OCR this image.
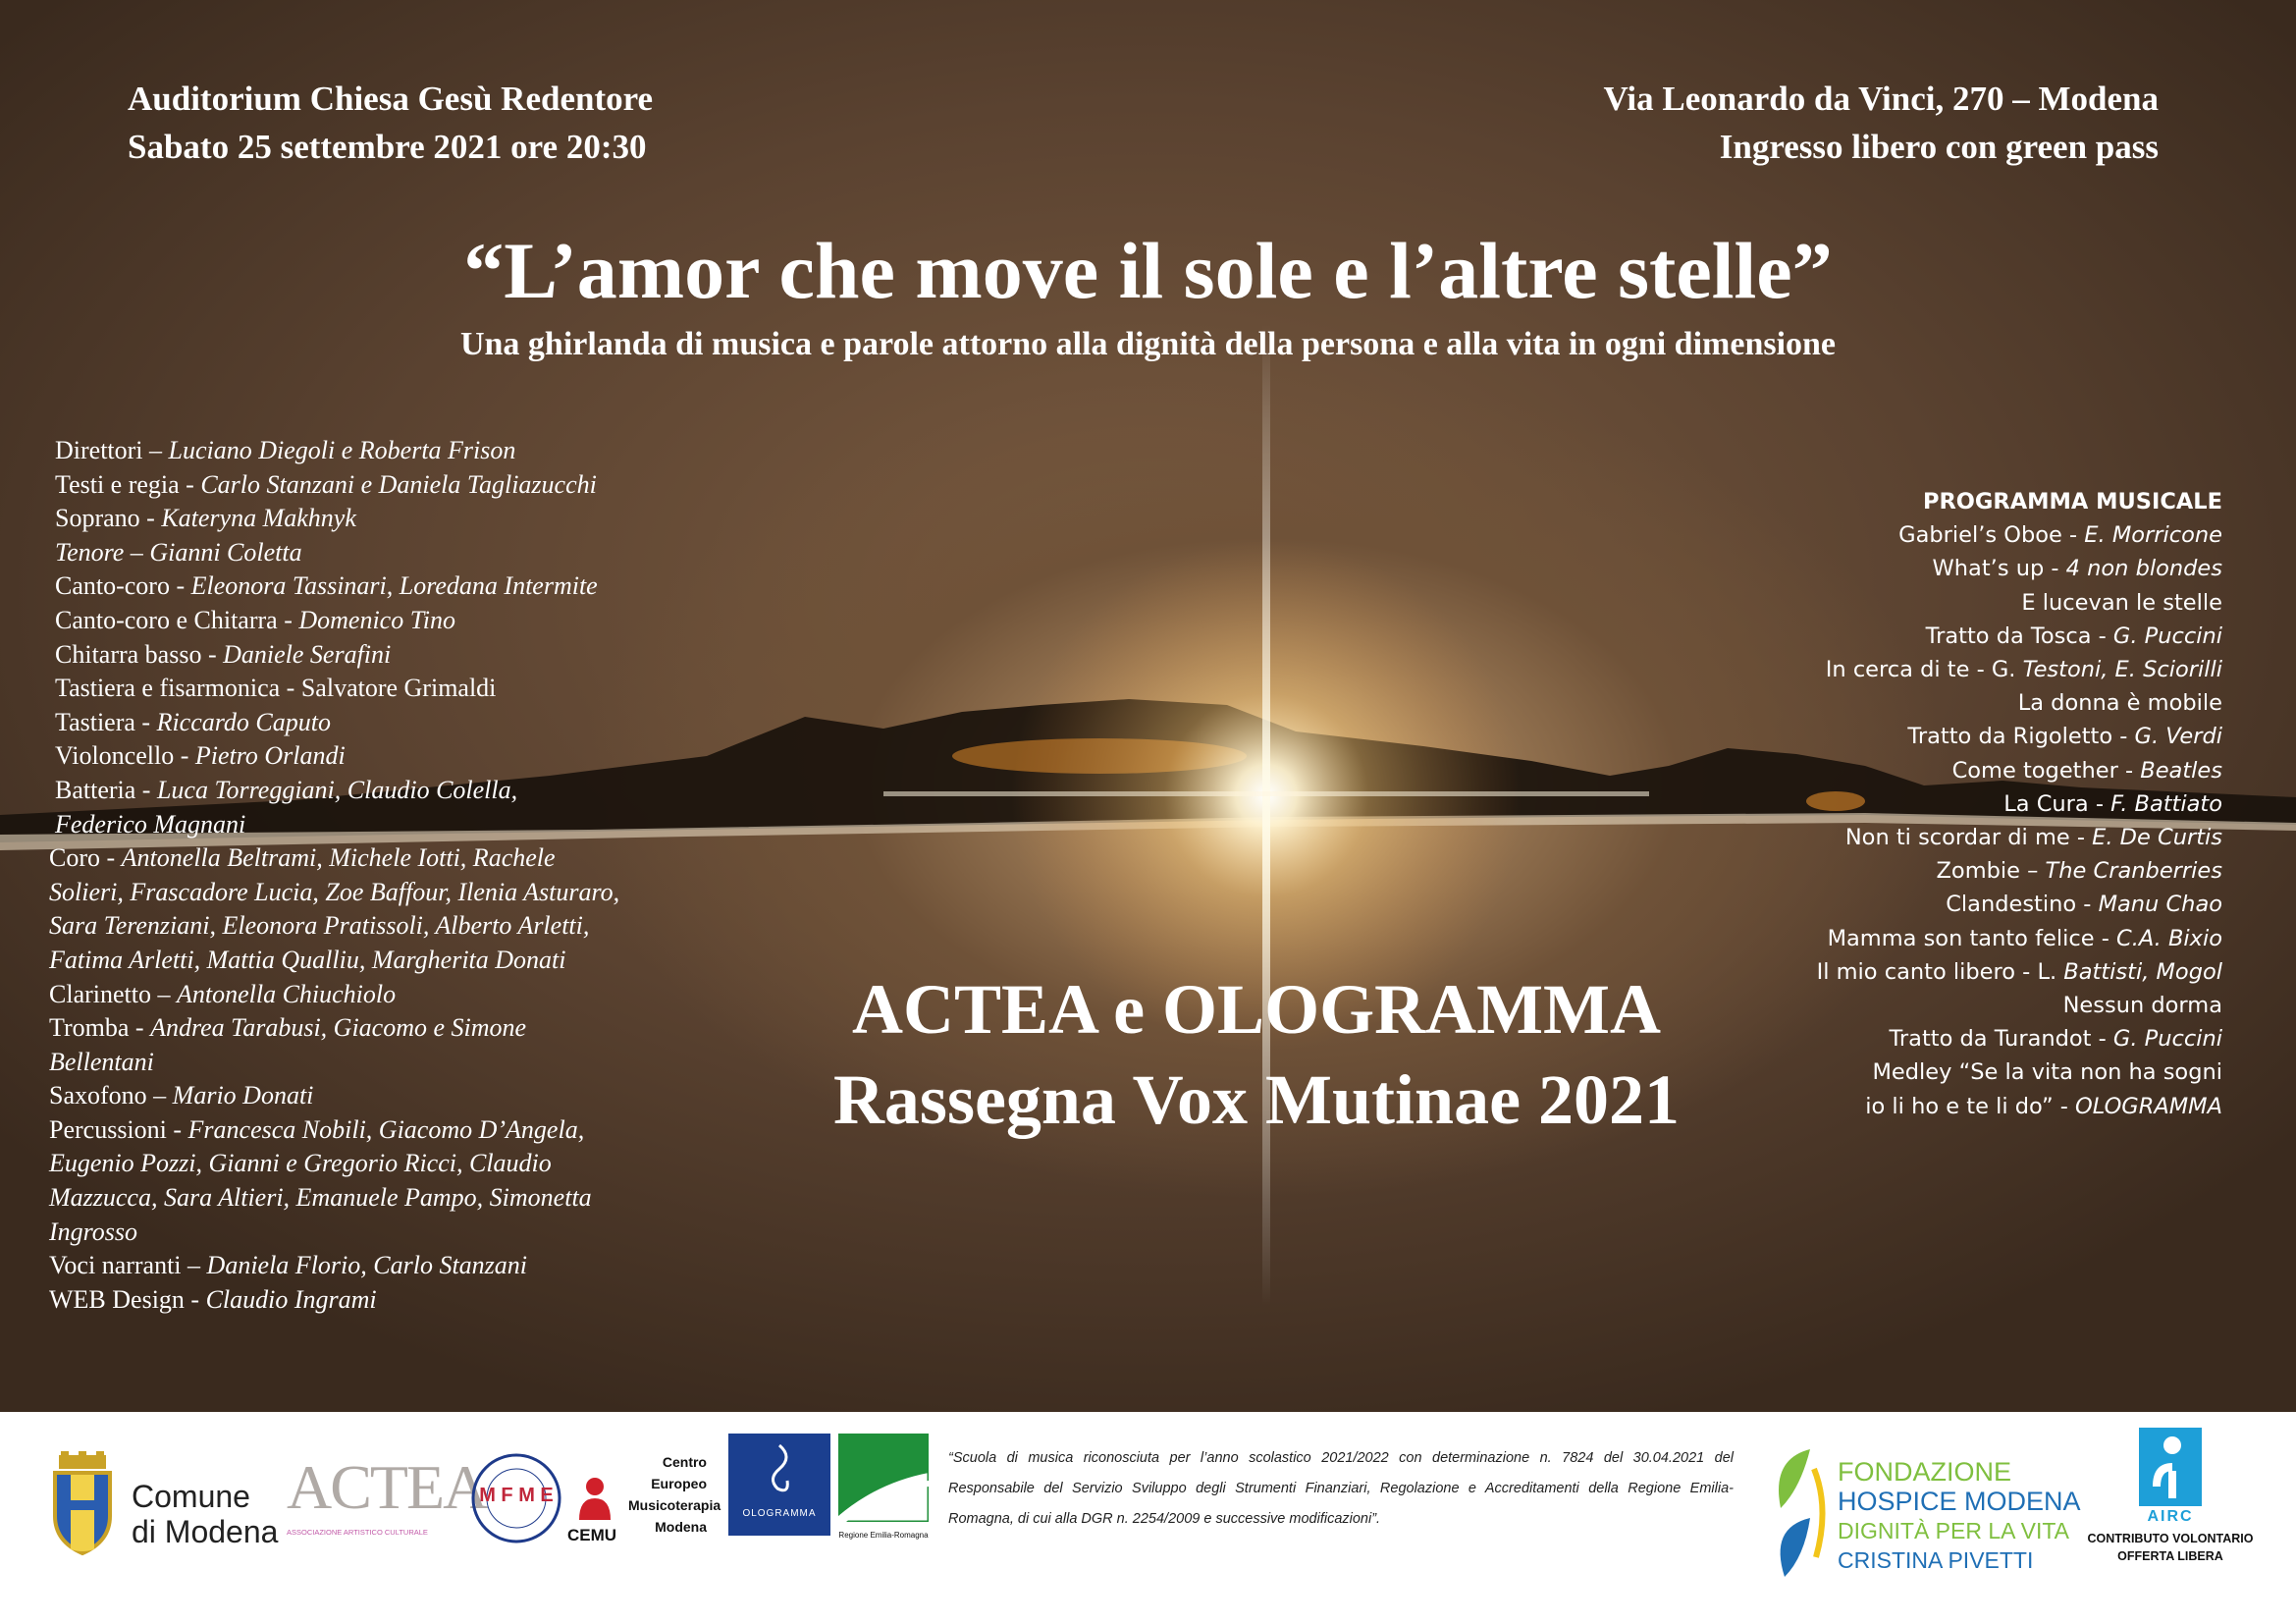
Auditorium Chiesa Gesù Redentore
Sabato 25 settembre 2021 ore 20:30
Via Leonardo da Vinci, 270 – Modena
Ingresso libero con green pass
“L’amor che move il sole e l’altre stelle”
Una ghirlanda di musica e parole attorno alla dignità della persona e alla vita in ogni dimensione
Direttori – Luciano Diegoli e Roberta Frison
Testi e regia - Carlo Stanzani e Daniela Tagliazucchi
Soprano - Kateryna Makhnyk
Tenore – Gianni Coletta
Canto-coro - Eleonora Tassinari, Loredana Intermite
Canto-coro e Chitarra - Domenico Tino
Chitarra basso - Daniele Serafini
Tastiera e fisarmonica - Salvatore Grimaldi
Tastiera - Riccardo Caputo
Violoncello - Pietro Orlandi
Batteria - Luca Torreggiani, Claudio Colella,
Federico Magnani
Coro - Antonella Beltrami, Michele Iotti, Rachele Solieri, Frascadore Lucia, Zoe Baffour, Ilenia Asturaro, Sara Terenziani, Eleonora Pratissoli, Alberto Arletti, Fatima Arletti, Mattia Qualliu, Margherita Donati
Clarinetto – Antonella Chiuchiolo
Tromba - Andrea Tarabusi, Giacomo e Simone Bellentani
Saxofono – Mario Donati
Percussioni - Francesca Nobili, Giacomo D’Angela, Eugenio Pozzi, Gianni e Gregorio Ricci, Claudio Mazzucca, Sara Altieri, Emanuele Pampo, Simonetta Ingrosso
Voci narranti – Daniela Florio, Carlo Stanzani
WEB Design - Claudio Ingrami
PROGRAMMA MUSICALE
Gabriel’s Oboe - E. Morricone
What’s up - 4 non blondes
E lucevan le stelle
Tratto da Tosca - G. Puccini
In cerca di te - G. Testoni, E. Sciorilli
La donna è mobile
Tratto da Rigoletto - G. Verdi
Come together - Beatles
La Cura - F. Battiato
Non ti scordar di me - E. De Curtis
Zombie – The Cranberries
Clandestino - Manu Chao
Mamma son tanto felice - C.A. Bixio
Il mio canto libero - L. Battisti, Mogol
Nessun dorma
Tratto da Turandot - G. Puccini
Medley “Se la vita non ha sogni
io li ho e te li do” - OLOGRAMMA
ACTEA e OLOGRAMMA
Rassegna Vox Mutinae 2021
Comune
di Modena
ACTEA
ASSOCIAZIONE ARTISTICO CULTURALE
M F M E
CEMU
Centro
Europeo
Musicoterapia
Modena
OLOGRAMMA
Regione Emilia-Romagna
FONDAZIONE
HOSPICE MODENA
DIGNITÀ PER LA VITA
CRISTINA PIVETTI
AIRC
CONTRIBUTO VOLONTARIO
OFFERTA LIBERA
“Scuola di musica riconosciuta per l’anno scolastico 2021/2022 con determinazione n. 7824 del 30.04.2021 del Responsabile del Servizio Sviluppo degli Strumenti Finanziari, Regolazione e Accreditamenti della Regione Emilia-Romagna, di cui alla DGR n. 2254/2009 e successive modificazioni”.
